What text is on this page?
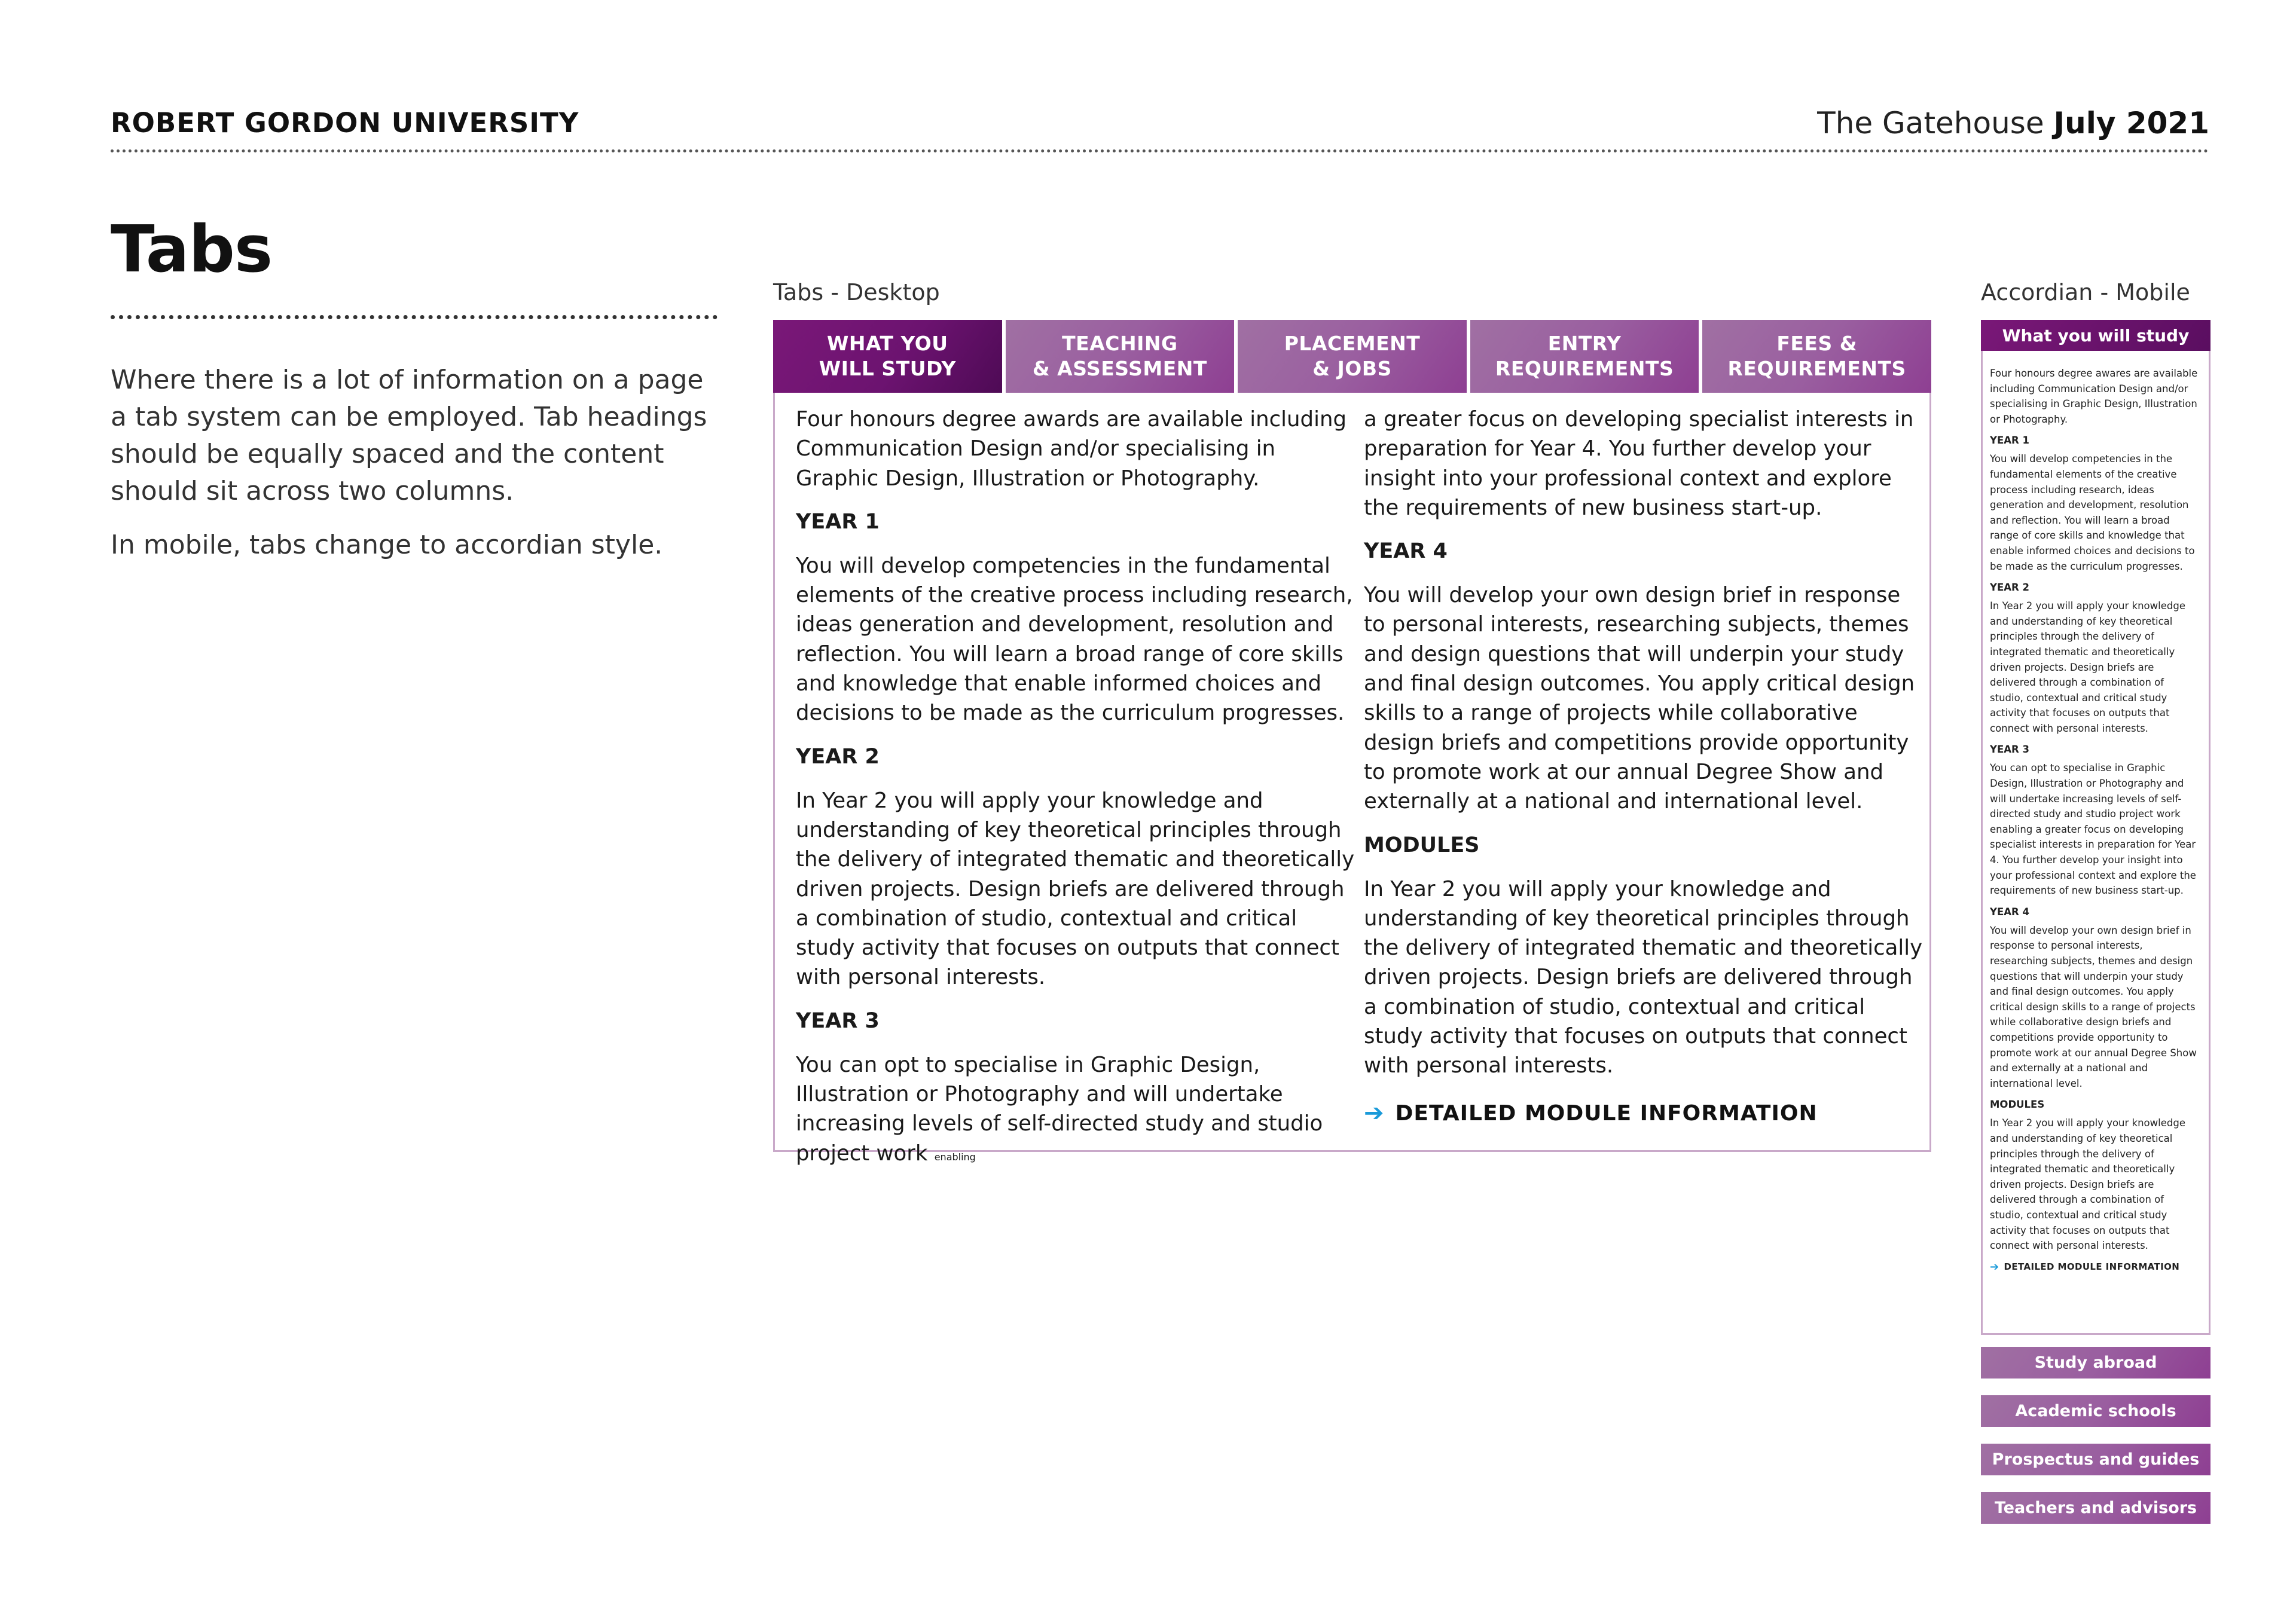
ROBERT GORDON UNIVERSITY	The Gatehouse July 2021
Tabs

Where there is a lot of information on a page a tab system can be employed. Tab headings should be equally spaced and the content should sit across two columns.

In mobile, tabs change to accordian style.

Tabs - Desktop
WHAT YOU
WILL STUDY
TEACHING
& ASSESSMENT
PLACEMENT
& JOBS
ENTRY
REQUIREMENTS
FEES &
REQUIREMENTS

Four honours degree awards are available including Communication Design and/or specialising in Graphic Design, Illustration or Photography.

YEAR 1

You will develop competencies in the fundamental elements of the creative process including research, ideas generation and development, resolution and reflection. You will learn a broad range of core skills and knowledge that enable informed choices and decisions to be made as the curriculum progresses.

YEAR 2

In Year 2 you will apply your knowledge and understanding of key theoretical principles through the delivery of integrated thematic and theoretically driven projects. Design briefs are delivered through a combination of studio, contextual and critical study activity that focuses on outputs that connect with personal interests.

YEAR 3

You can opt to specialise in Graphic Design, Illustration or Photography and will undertake increasing levels of self-directed study and studio project work enabling

a greater focus on developing specialist interests in preparation for Year 4. You further develop your insight into your professional context and explore the requirements of new business start-up.

YEAR 4

You will develop your own design brief in response to personal interests, researching subjects, themes and design questions that will underpin your study and final design outcomes. You apply critical design skills to a range of projects while collaborative design briefs and competitions provide opportunity to promote work at our annual Degree Show and externally at a national and international level.

MODULES

In Year 2 you will apply your knowledge and understanding of key theoretical principles through the delivery of integrated thematic and theoretically driven projects. Design briefs are delivered through a combination of studio, contextual and critical study activity that focuses on outputs that connect with personal interests.

➔ DETAILED MODULE INFORMATION
Accordian - Mobile
What you will study

Four honours degree awares are available including Communication Design and/or specialising in Graphic Design, Illustration or Photography.

YEAR 1

You will develop competencies in the fundamental elements of the creative process including research, ideas generation and development, resolution and reflection. You will learn a broad range of core skills and knowledge that enable informed choices and decisions to be made as the curriculum progresses.

YEAR 2

In Year 2 you will apply your knowledge and understanding of key theoretical principles through the delivery of integrated thematic and theoretically driven projects. Design briefs are delivered through a combination of studio, contextual and critical study activity that focuses on outputs that connect with personal interests.

YEAR 3

You can opt to specialise in Graphic Design, Illustration or Photography and will undertake increasing levels of self-directed study and studio project work enabling a greater focus on developing specialist interests in preparation for Year 4. You further develop your insight into your professional context and explore the requirements of new business start-up.

YEAR 4

You will develop your own design brief in response to personal interests, researching subjects, themes and design questions that will underpin your study and final design outcomes. You apply critical design skills to a range of projects while collaborative design briefs and competitions provide opportunity to promote work at our annual Degree Show and externally at a national and international level.

MODULES

In Year 2 you will apply your knowledge and understanding of key theoretical principles through the delivery of integrated thematic and theoretically driven projects. Design briefs are delivered through a combination of studio, contextual and critical study activity that focuses on outputs that connect with personal interests.

➔ DETAILED MODULE INFORMATION
Study abroad
Academic schools
Prospectus and guides
Teachers and advisors
